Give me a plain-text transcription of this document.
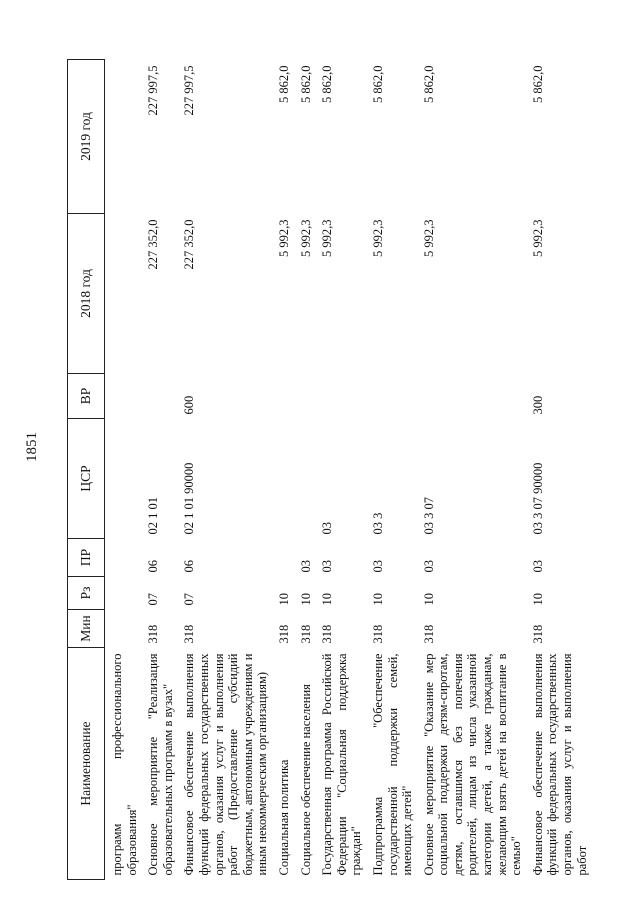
1851
Наименование	Мин	Рз	ПР	ЦСР	ВР	2018 год	2019 год
программ профессионального образования"							
Основное мероприятие "Реализация образовательных программ в вузах"	318	07	06	02 1 01		227 352,0	227 997,5
Финансовое обеспечение выполнения функций федеральных государственных органов, оказания услуг и выполнения работ (Предоставление субсидий бюджетным, автономным учреждениям и иным некоммерческим организациям)	318	07	06	02 1 01 90000	600	227 352,0	227 997,5
Социальная политика	318	10				5 992,3	5 862,0
Социальное обеспечение населения	318	10	03			5 992,3	5 862,0
Государственная программа Российской Федерации "Социальная поддержка граждан"	318	10	03	03		5 992,3	5 862,0
Подпрограмма "Обеспечение государственной поддержки семей, имеющих детей"	318	10	03	03 3		5 992,3	5 862,0
Основное мероприятие "Оказание мер социальной поддержки детям-сиротам, детям, оставшимся без попечения родителей, лицам из числа указанной категории детей, а также гражданам, желающим взять детей на воспитание в семью"	318	10	03	03 3 07		5 992,3	5 862,0
Финансовое обеспечение выполнения функций федеральных государственных органов, оказания услуг и выполнения работ	318	10	03	03 3 07 90000	300	5 992,3	5 862,0
